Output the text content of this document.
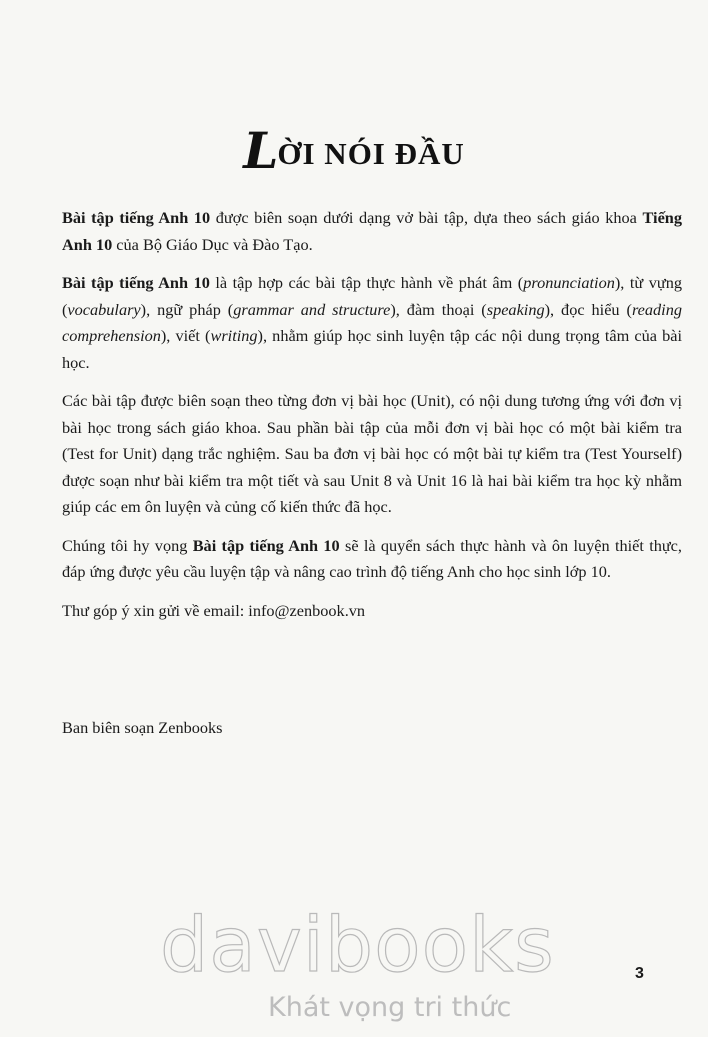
LỜI NÓI ĐẦU

Bài tập tiếng Anh 10 được biên soạn dưới dạng vở bài tập, dựa theo sách giáo khoa Tiếng Anh 10 của Bộ Giáo Dục và Đào Tạo.

Bài tập tiếng Anh 10 là tập hợp các bài tập thực hành về phát âm (pronunciation), từ vựng (vocabulary), ngữ pháp (grammar and structure), đàm thoại (speaking), đọc hiểu (reading comprehension), viết (writing), nhằm giúp học sinh luyện tập các nội dung trọng tâm của bài học.

Các bài tập được biên soạn theo từng đơn vị bài học (Unit), có nội dung tương ứng với đơn vị bài học trong sách giáo khoa. Sau phần bài tập của mỗi đơn vị bài học có một bài kiểm tra (Test for Unit) dạng trắc nghiệm. Sau ba đơn vị bài học có một bài tự kiểm tra (Test Yourself) được soạn như bài kiểm tra một tiết và sau Unit 8 và Unit 16 là hai bài kiểm tra học kỳ nhằm giúp các em ôn luyện và củng cố kiến thức đã học.

Chúng tôi hy vọng Bài tập tiếng Anh 10 sẽ là quyển sách thực hành và ôn luyện thiết thực, đáp ứng được yêu cầu luyện tập và nâng cao trình độ tiếng Anh cho học sinh lớp 10.

Thư góp ý xin gửi về email: info@zenbook.vn

Ban biên soạn Zenbooks
davibooks	3
Khát vọng tri thức
